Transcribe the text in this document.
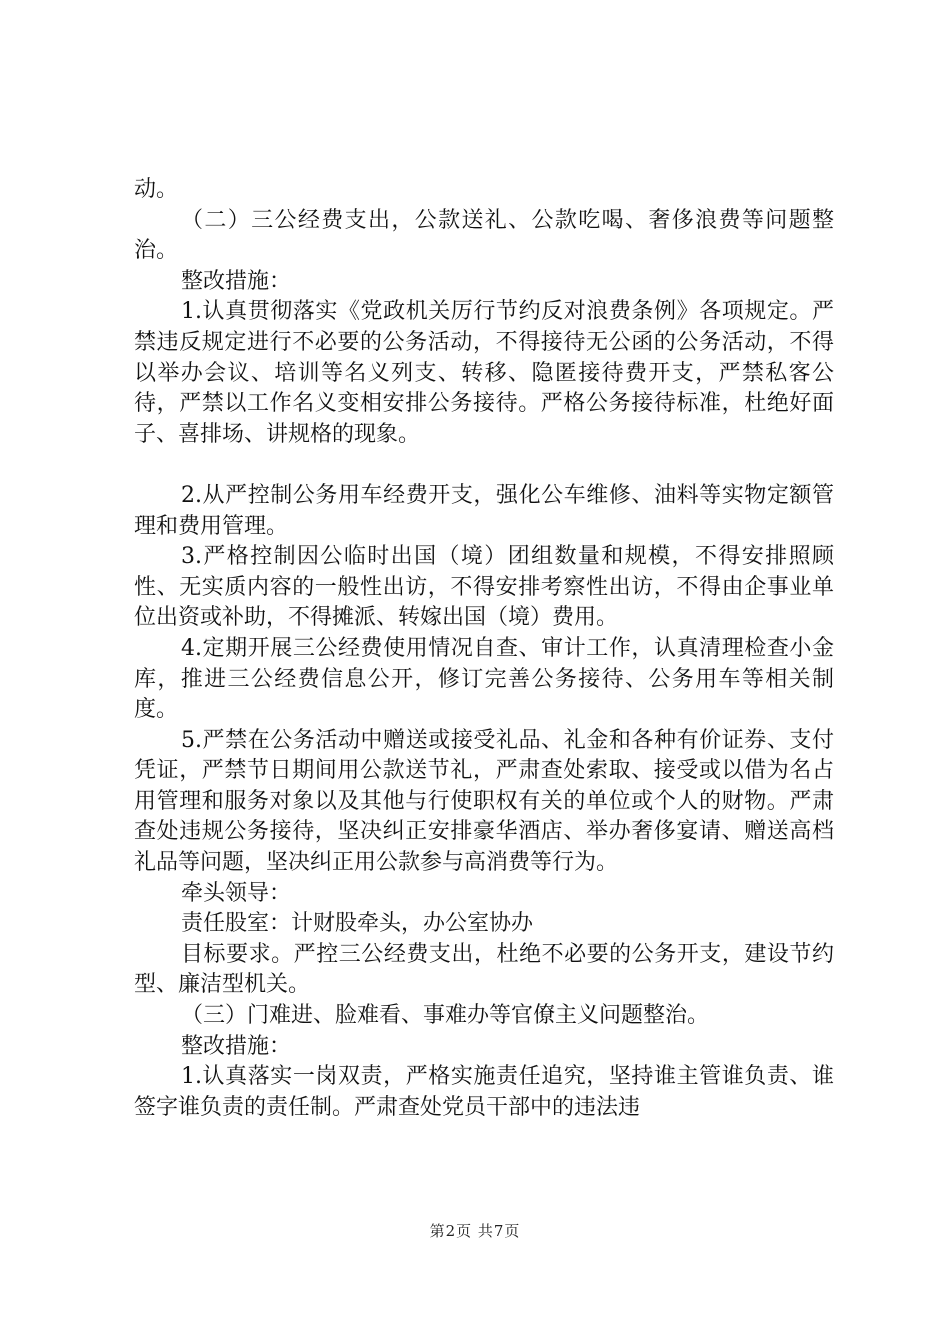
动。

（二）三公经费支出，公款送礼、公款吃喝、奢侈浪费等问题整治。

整改措施：

1.认真贯彻落实《党政机关厉行节约反对浪费条例》各项规定。严禁违反规定进行不必要的公务活动，不得接待无公函的公务活动，不得以举办会议、培训等名义列支、转移、隐匿接待费开支，严禁私客公待，严禁以工作名义变相安排公务接待。严格公务接待标准，杜绝好面子、喜排场、讲规格的现象。

2.从严控制公务用车经费开支，强化公车维修、油料等实物定额管理和费用管理。

3.严格控制因公临时出国（境）团组数量和规模，不得安排照顾性、无实质内容的一般性出访，不得安排考察性出访，不得由企事业单位出资或补助，不得摊派、转嫁出国（境）费用。

4.定期开展三公经费使用情况自查、审计工作，认真清理检查小金库，推进三公经费信息公开，修订完善公务接待、公务用车等相关制度。

5.严禁在公务活动中赠送或接受礼品、礼金和各种有价证券、支付凭证，严禁节日期间用公款送节礼，严肃查处索取、接受或以借为名占用管理和服务对象以及其他与行使职权有关的单位或个人的财物。严肃查处违规公务接待，坚决纠正安排豪华酒店、举办奢侈宴请、赠送高档礼品等问题，坚决纠正用公款参与高消费等行为。

牵头领导：

责任股室：计财股牵头，办公室协办

目标要求。严控三公经费支出，杜绝不必要的公务开支，建设节约型、廉洁型机关。

（三）门难进、脸难看、事难办等官僚主义问题整治。

整改措施：

1.认真落实一岗双责，严格实施责任追究，坚持谁主管谁负责、谁签字谁负责的责任制。严肃查处党员干部中的违法违

第2页 共7页
